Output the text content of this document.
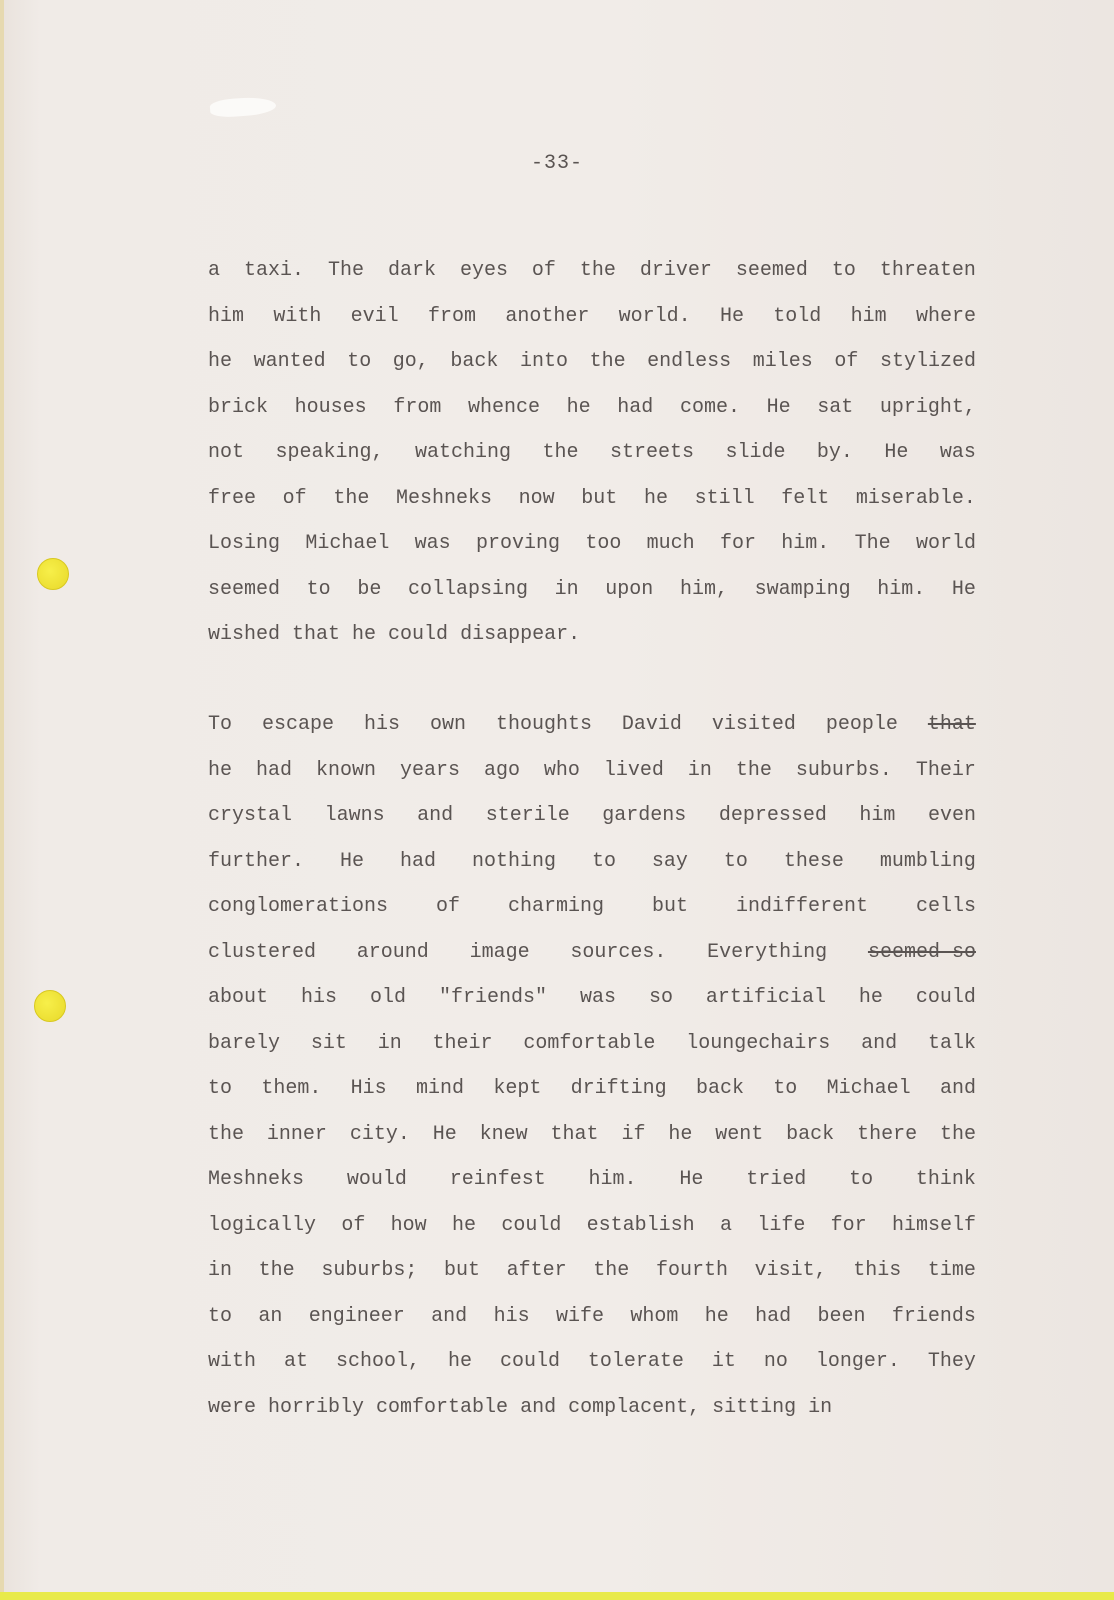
-33-
a taxi. The dark eyes of the driver seemed to threaten
him with evil from another world. He told him where
he wanted to go, back into the endless miles of stylized
brick houses from whence he had come. He sat upright,
not speaking, watching the streets slide by. He was
free of the Meshneks now but he still felt miserable.
Losing Michael was proving too much for him. The world
seemed to be collapsing in upon him, swamping him. He
wished that he could disappear.
To escape his own thoughts David visited people that
he had known years ago who lived in the suburbs. Their
crystal lawns and sterile gardens depressed him even
further. He had nothing to say to these mumbling
conglomerations of charming but indifferent cells
clustered around image sources. Everything seemed so
about his old "friends" was so artificial he could
barely sit in their comfortable loungechairs and talk
to them. His mind kept drifting back to Michael and
the inner city. He knew that if he went back there the
Meshneks would reinfest him. He tried to think
logically of how he could establish a life for himself
in the suburbs; but after the fourth visit, this time
to an engineer and his wife whom he had been friends
with at school, he could tolerate it no longer. They
were horribly comfortable and complacent, sitting in
